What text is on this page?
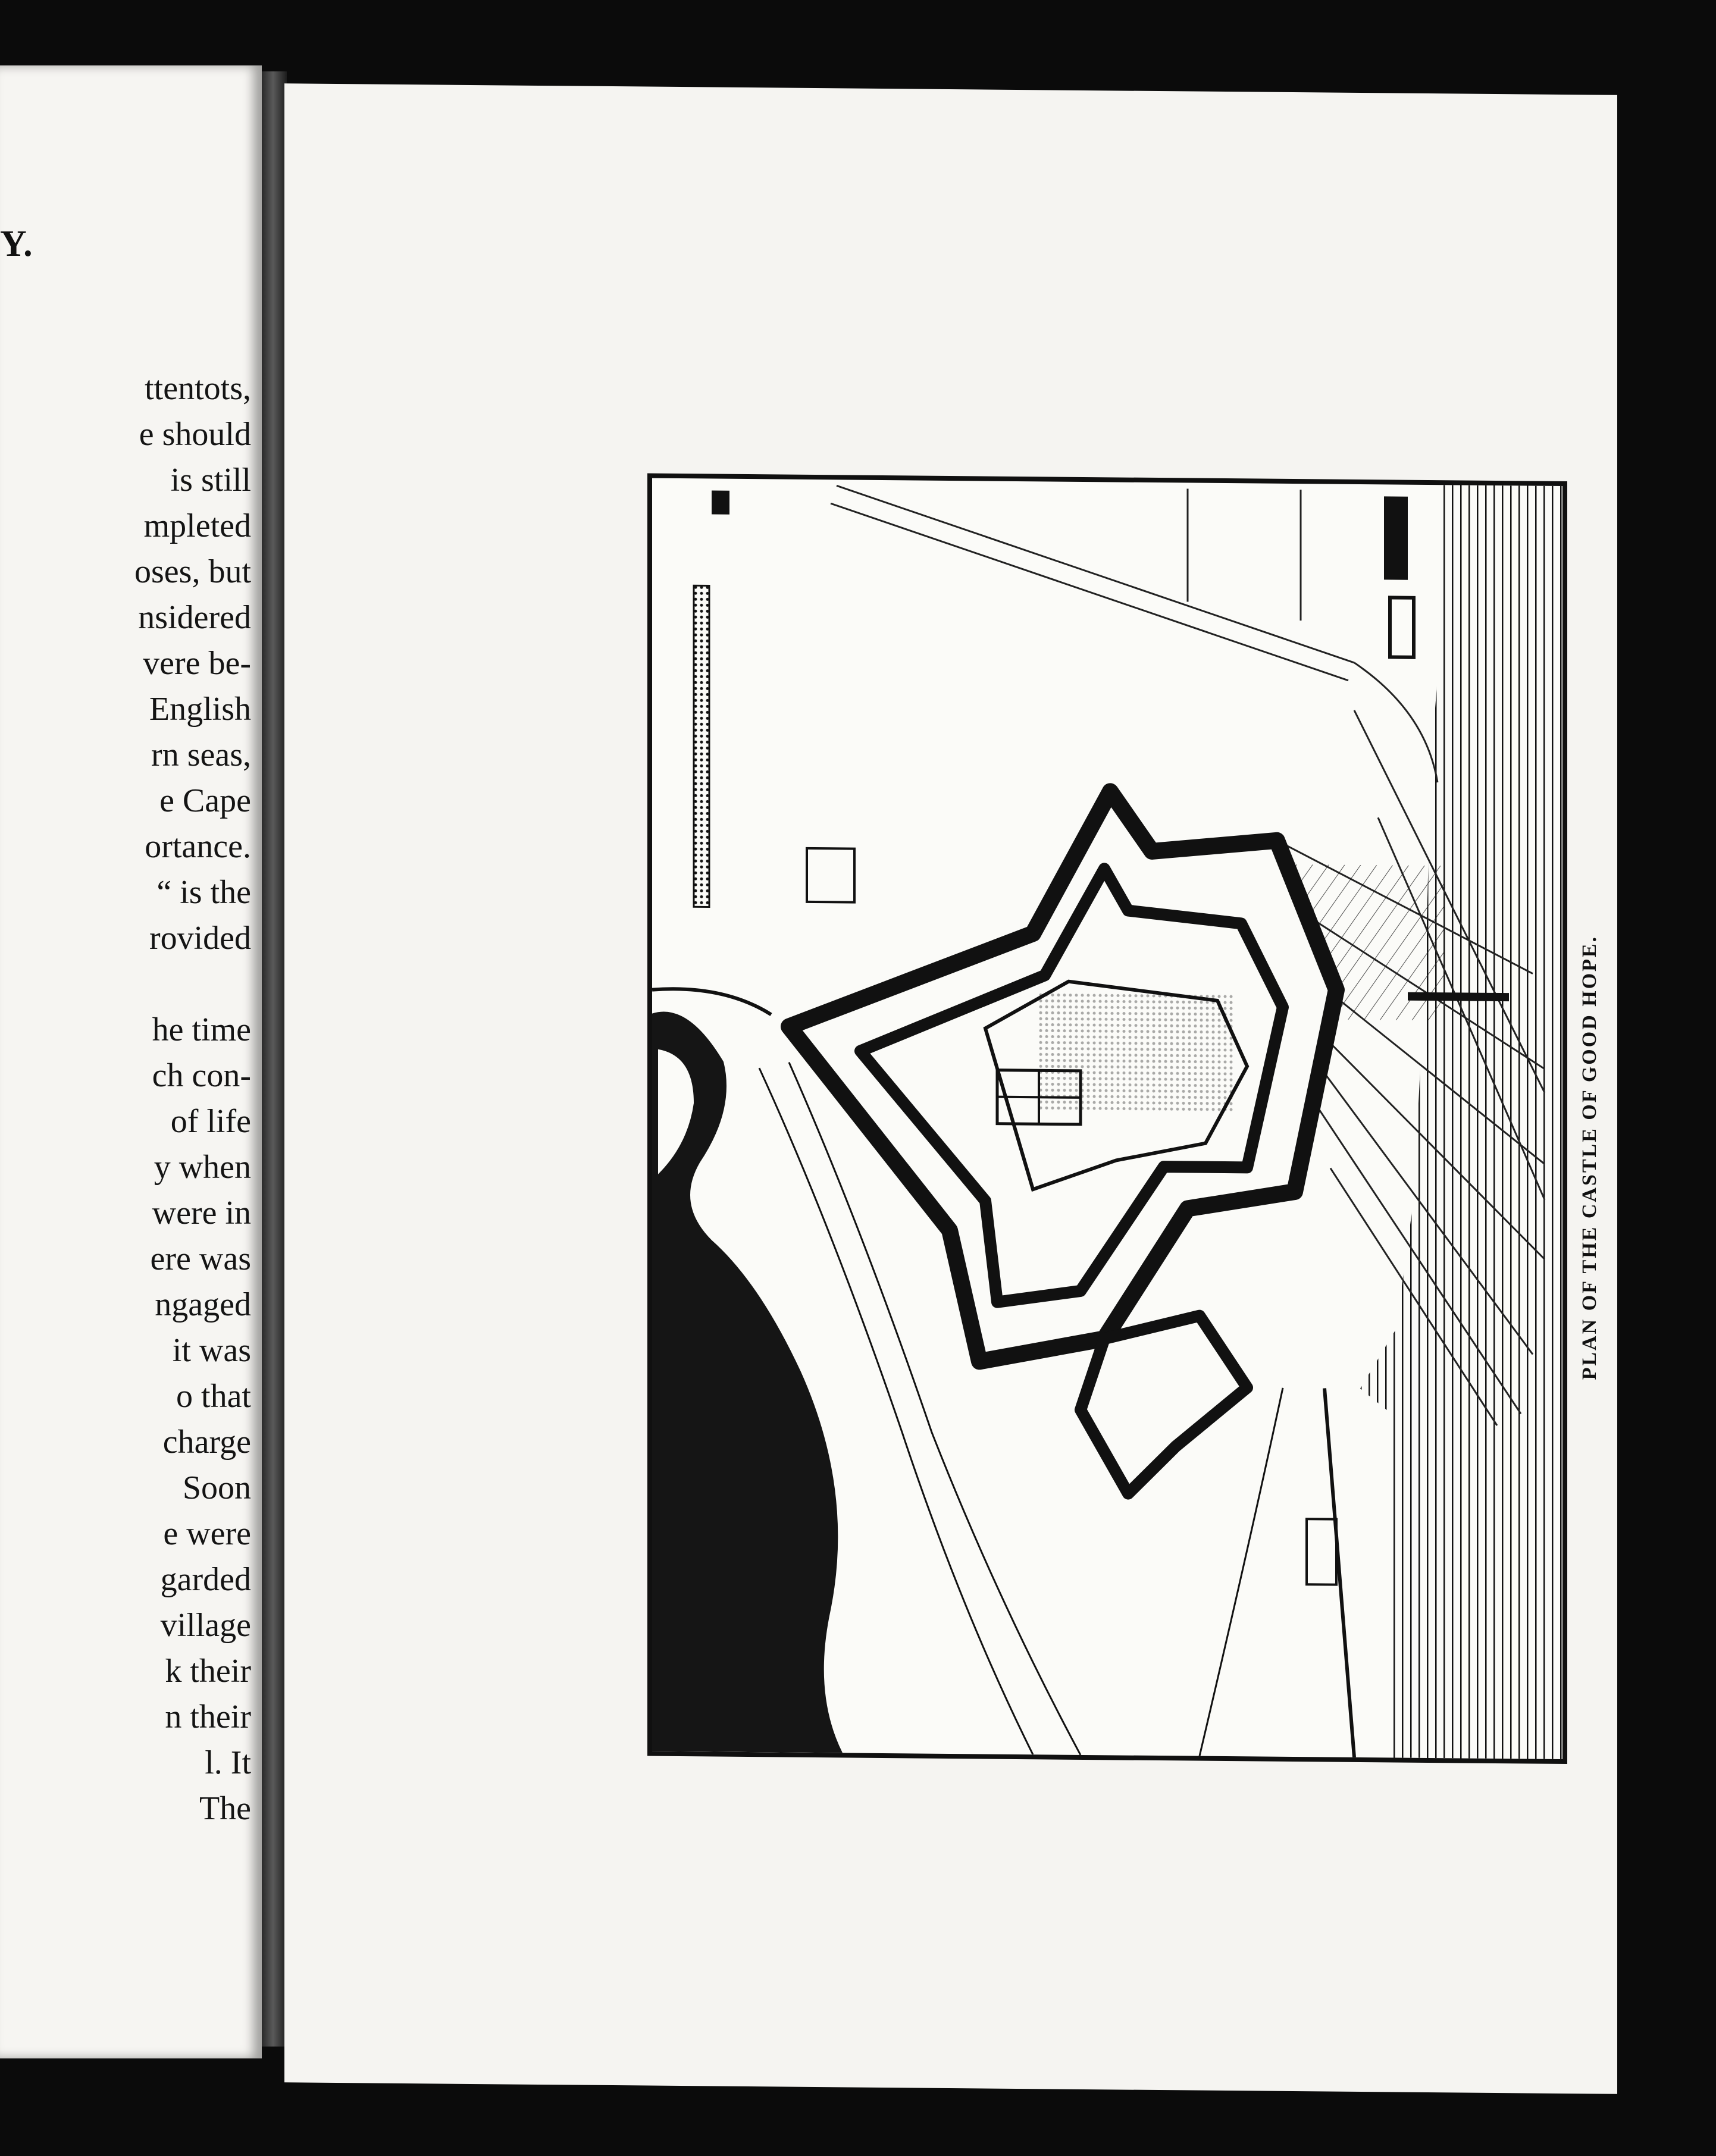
Y.
ttentots,
e should
is still
mpleted
oses, but
nsidered
vere be-
English
rn seas,
e Cape
ortance.
“ is the
rovided
he time
ch con-
of life
y when
were in
ere was
ngaged
it was
o that
charge
Soon
e were
garded
village
k their
n their
l. It
The
PLAN OF THE CASTLE OF GOOD HOPE.
